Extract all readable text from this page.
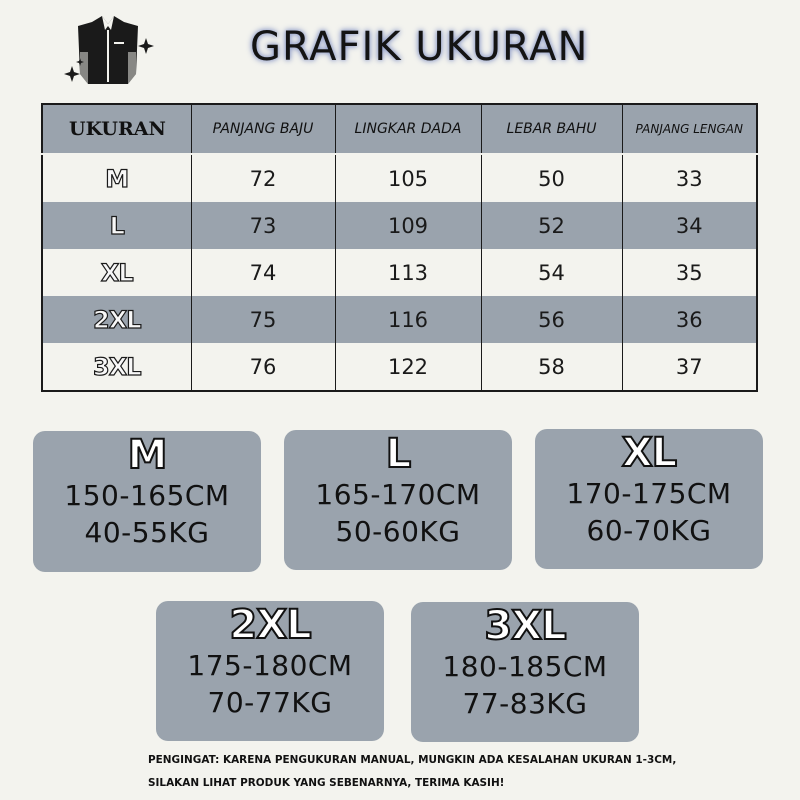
GRAFIK UKURAN
UKURAN	PANJANG BAJU	LINGKAR DADA	LEBAR BAHU	PANJANG LENGAN
M	72	105	50	33
L	73	109	52	34
XL	74	113	54	35
2XL	75	116	56	36
3XL	76	122	58	37
M
150-165CM
40-55KG
L
165-170CM
50-60KG
XL
170-175CM
60-70KG
2XL
175-180CM
70-77KG
3XL
180-185CM
77-83KG
PENGINGAT: KARENA PENGUKURAN MANUAL, MUNGKIN ADA KESALAHAN UKURAN 1-3CM,
SILAKAN LIHAT PRODUK YANG SEBENARNYA, TERIMA KASIH!
